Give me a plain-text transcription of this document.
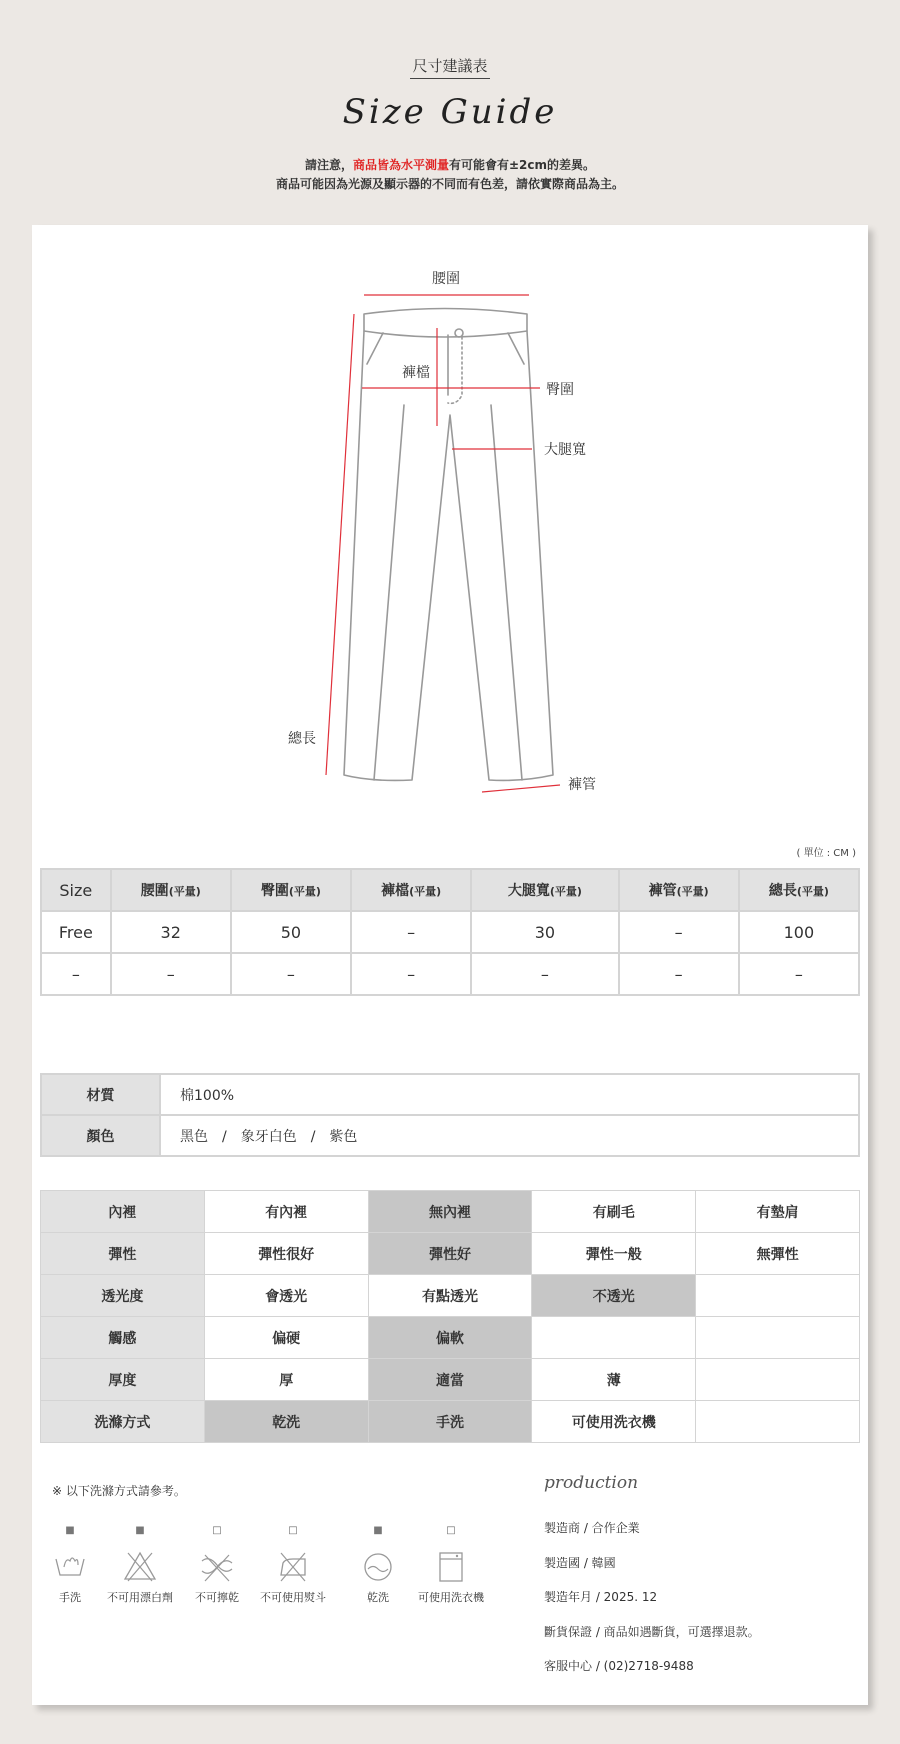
尺寸建議表
Size Guide
請注意，商品皆為水平測量有可能會有±2cm的差異。
商品可能因為光源及顯示器的不同而有色差，請依實際商品為主。
腰圍
褲檔
臀圍
大腿寬
總長
褲管
( 單位 : CM )
Size	腰圍(平量)	臀圍(平量)	褲檔(平量)	大腿寬(平量)	褲管(平量)	總長(平量)
Free	32	50	–	30	–	100
–	–	–	–	–	–	–
材質	棉100%
顏色	黑色　/　象牙白色　/　紫色
內裡	有內裡	無內裡	有刷毛	有墊肩
彈性	彈性很好	彈性好	彈性一般	無彈性
透光度	會透光	有點透光	不透光	
觸感	偏硬	偏軟		
厚度	厚	適當	薄	
洗滌方式	乾洗	手洗	可使用洗衣機	
※ 以下洗滌方式請參考。
■
手洗
■
不可用漂白劑
□
不可擰乾
□
不可使用熨斗
■
乾洗
□
可使用洗衣機
production
製造商 / 合作企業
製造國 / 韓國
製造年月 / 2025. 12
斷貨保證 / 商品如遇斷貨，可選擇退款。
客服中心 / (02)2718-9488
